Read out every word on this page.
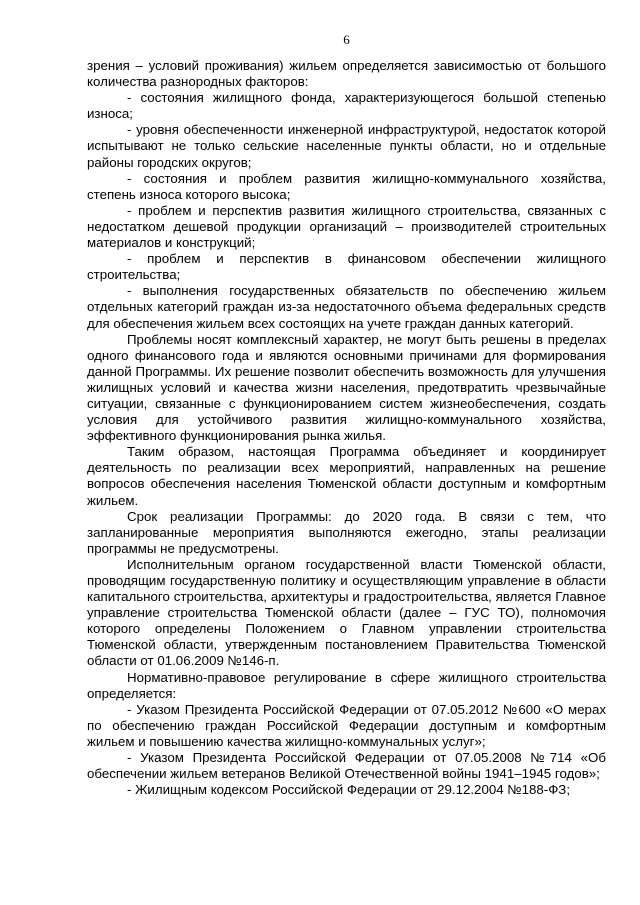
6

зрения – условий проживания) жильем определяется зависимостью от большого количества разнородных факторов:

- состояния жилищного фонда, характеризующегося большой степенью износа;

- уровня обеспеченности инженерной инфраструктурой, недостаток которой испытывают не только сельские населенные пункты области, но и отдельные районы городских округов;

- состояния и проблем развития жилищно-коммунального хозяйства, степень износа которого высока;

- проблем и перспектив развития жилищного строительства, связанных с недостатком дешевой продукции организаций – производителей строительных материалов и конструкций;

- проблем и перспектив в финансовом обеспечении жилищного строительства;

- выполнения государственных обязательств по обеспечению жильем отдельных категорий граждан из-за недостаточного объема федеральных средств для обеспечения жильем всех состоящих на учете граждан данных категорий.

Проблемы носят комплексный характер, не могут быть решены в пределах одного финансового года и являются основными причинами для формирования данной Программы. Их решение позволит обеспечить возможность для улучшения жилищных условий и качества жизни населения, предотвратить чрезвычайные ситуации, связанные с функционированием систем жизнеобеспечения, создать условия для устойчивого развития жилищно-коммунального хозяйства, эффективного функционирования рынка жилья.

Таким образом, настоящая Программа объединяет и координирует деятельность по реализации всех мероприятий, направленных на решение вопросов обеспечения населения Тюменской области доступным и комфортным жильем.

Срок реализации Программы: до 2020 года. В связи с тем, что запланированные мероприятия выполняются ежегодно, этапы реализации программы не предусмотрены.

Исполнительным органом государственной власти Тюменской области, проводящим государственную политику и осуществляющим управление в области капитального строительства, архитектуры и градостроительства, является Главное управление строительства Тюменской области (далее – ГУС ТО), полномочия которого определены Положением о Главном управлении строительства Тюменской области, утвержденным постановлением Правительства Тюменской области от 01.06.2009 №146-п.

Нормативно-правовое регулирование в сфере жилищного строительства определяется:

- Указом Президента Российской Федерации от 07.05.2012 №600 «О мерах по обеспечению граждан Российской Федерации доступным и комфортным жильем и повышению качества жилищно-коммунальных услуг»;

- Указом Президента Российской Федерации от 07.05.2008 №714 «Об обеспечении жильем ветеранов Великой Отечественной войны 1941–1945 годов»;

- Жилищным кодексом Российской Федерации от 29.12.2004 №188-ФЗ;
